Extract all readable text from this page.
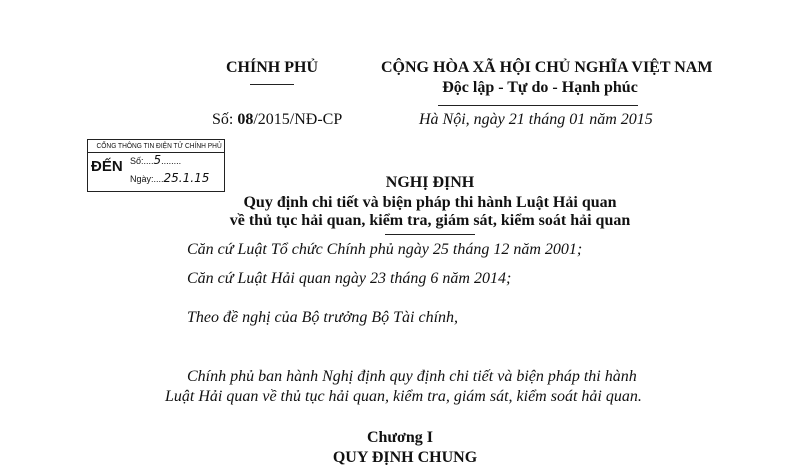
CHÍNH PHỦ	CỘNG HÒA XÃ HỘI CHỦ NGHĨA VIỆT NAM
Độc lập - Tự do - Hạnh phúc
Số: 08/2015/NĐ-CP	Hà Nội, ngày 21 tháng 01 năm 2015
CỔNG THÔNG TIN ĐIỆN TỬ CHÍNH PHỦ
ĐẾN Số:....5........
Ngày:....25.1.15	NGHỊ ĐỊNH
Quy định chi tiết và biện pháp thi hành Luật Hải quan
về thủ tục hải quan, kiểm tra, giám sát, kiểm soát hải quan
Căn cứ Luật Tổ chức Chính phủ ngày 25 tháng 12 năm 2001;
Căn cứ Luật Hải quan ngày 23 tháng 6 năm 2014;
Theo đề nghị của Bộ trưởng Bộ Tài chính,
Chính phủ ban hành Nghị định quy định chi tiết và biện pháp thi hành
Luật Hải quan về thủ tục hải quan, kiểm tra, giám sát, kiểm soát hải quan.
Chương I
QUY ĐỊNH CHUNG
